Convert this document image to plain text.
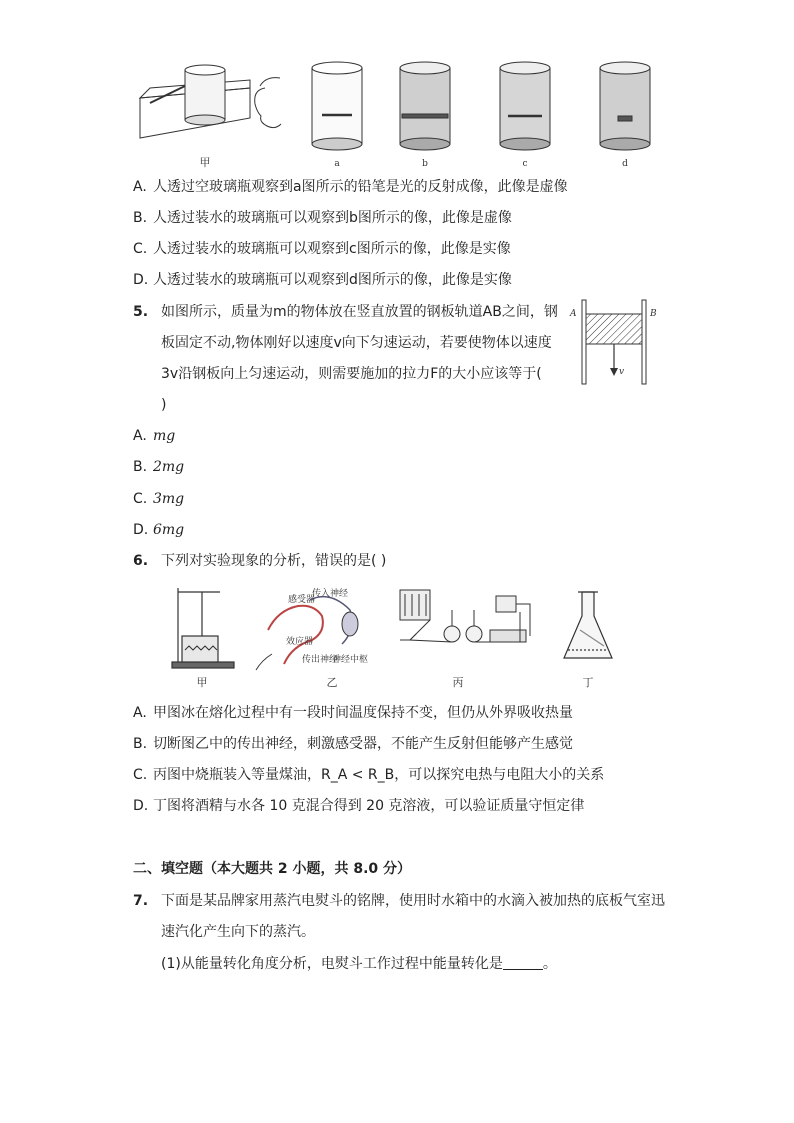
甲	a	b	c	d
A. 人透过空玻璃瓶观察到a图所示的铅笔是光的反射成像，此像是虚像
B. 人透过装水的玻璃瓶可以观察到b图所示的像，此像是虚像
C. 人透过装水的玻璃瓶可以观察到c图所示的像，此像是实像
D. 人透过装水的玻璃瓶可以观察到d图所示的像，此像是实像
5. 如图所示，质量为m的物体放在竖直放置的钢板轨道AB之间，钢
板固定不动,物体刚好以速度v向下匀速运动，若要使物体以速度
3v沿钢板向上匀速运动，则需要施加的拉力F的大小应该等于(
)
A	B
v
A. mg
B. 2mg
C. 3mg
D. 6mg
6. 下列对实验现象的分析，错误的是( )
甲
传入神经
感受器
效应器
传出神经
神经中枢
乙	丙	丁
A. 甲图冰在熔化过程中有一段时间温度保持不变，但仍从外界吸收热量
B. 切断图乙中的传出神经，刺激感受器，不能产生反射但能够产生感觉
C. 丙图中烧瓶装入等量煤油，R_A < R_B，可以探究电热与电阻大小的关系
D. 丁图将酒精与水各 10 克混合得到 20 克溶液，可以验证质量守恒定律
二、填空题（本大题共 2 小题，共 8.0 分）
7. 下面是某品牌家用蒸汽电熨斗的铭牌，使用时水箱中的水滴入被加热的底板气室迅
速汽化产生向下的蒸汽。
(1)从能量转化角度分析，电熨斗工作过程中能量转化是	。
